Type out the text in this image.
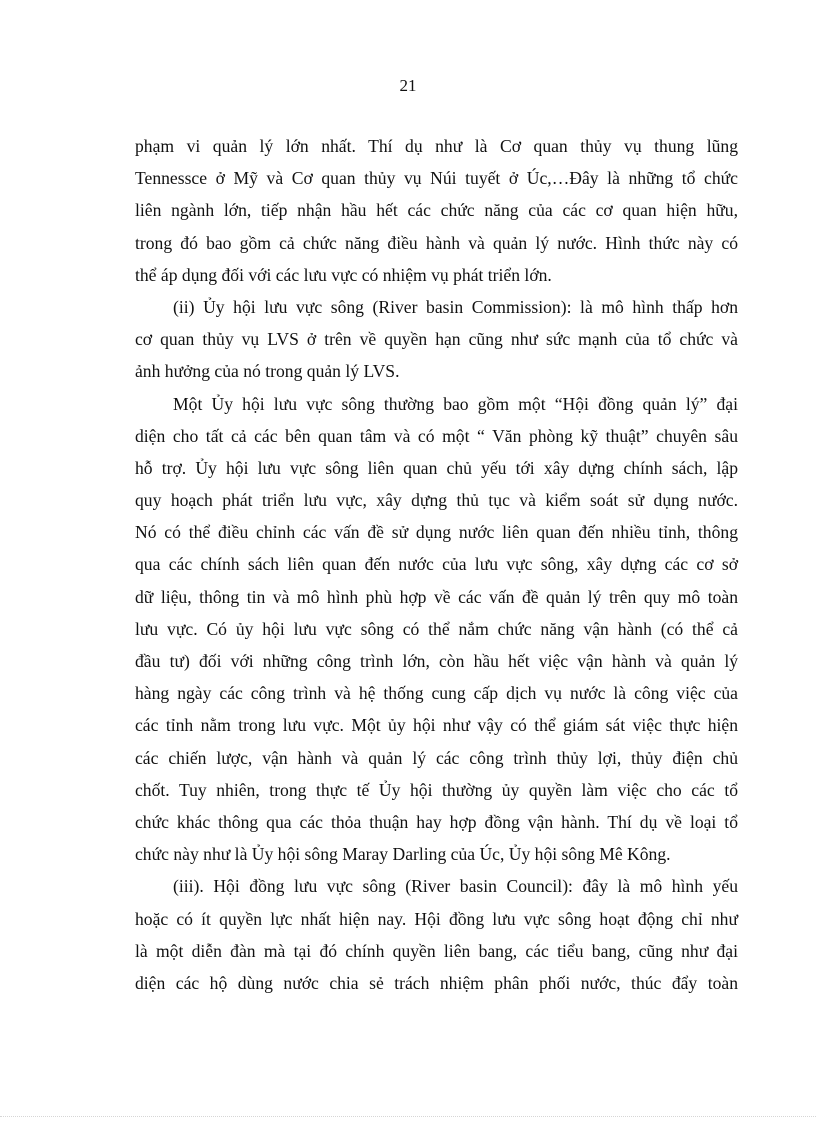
21
phạm vi quản lý lớn nhất. Thí dụ như là Cơ quan thủy vụ thung lũng
Tennessce ở Mỹ và Cơ quan thủy vụ Núi tuyết ở Úc,…Đây là những tổ chức
liên ngành lớn, tiếp nhận hầu hết các chức năng của các cơ quan hiện hữu,
trong đó bao gồm cả chức năng điều hành và quản lý nước. Hình thức này có
thể áp dụng đối với các lưu vực có nhiệm vụ phát triển lớn.
(ii) Ủy hội lưu vực sông (River basin Commission): là mô hình thấp hơn
cơ quan thủy vụ LVS ở trên về quyền hạn cũng như sức mạnh của tổ chức và
ảnh hưởng của nó trong quản lý LVS.
Một Ủy hội lưu vực sông thường bao gồm một “Hội đồng quản lý” đại
diện cho tất cả các bên quan tâm và có một “ Văn phòng kỹ thuật” chuyên sâu
hỗ trợ. Ủy hội lưu vực sông liên quan chủ yếu tới xây dựng chính sách, lập
quy hoạch phát triển lưu vực, xây dựng thủ tục và kiểm soát sử dụng nước.
Nó có thể điều chỉnh các vấn đề sử dụng nước liên quan đến nhiều tỉnh, thông
qua các chính sách liên quan đến nước của lưu vực sông, xây dựng các cơ sở
dữ liệu, thông tin và mô hình phù hợp về các vấn đề quản lý trên quy mô toàn
lưu vực. Có ủy hội lưu vực sông có thể nắm chức năng vận hành (có thể cả
đầu tư) đối với những công trình lớn, còn hầu hết việc vận hành và quản lý
hàng ngày các công trình và hệ thống cung cấp dịch vụ nước là công việc của
các tỉnh nằm trong lưu vực. Một ủy hội như vậy có thể giám sát việc thực hiện
các chiến lược, vận hành và quản lý các công trình thủy lợi, thủy điện chủ
chốt. Tuy nhiên, trong thực tế Ủy hội thường ủy quyền làm việc cho các tổ
chức khác thông qua các thỏa thuận hay hợp đồng vận hành. Thí dụ về loại tổ
chức này như là Ủy hội sông Maray Darling của Úc, Ủy hội sông Mê Kông.
(iii). Hội đồng lưu vực sông (River basin Council): đây là mô hình yếu
hoặc có ít quyền lực nhất hiện nay. Hội đồng lưu vực sông hoạt động chỉ như
là một diễn đàn mà tại đó chính quyền liên bang, các tiểu bang, cũng như đại
diện các hộ dùng nước chia sẻ trách nhiệm phân phối nước, thúc đẩy toàn
